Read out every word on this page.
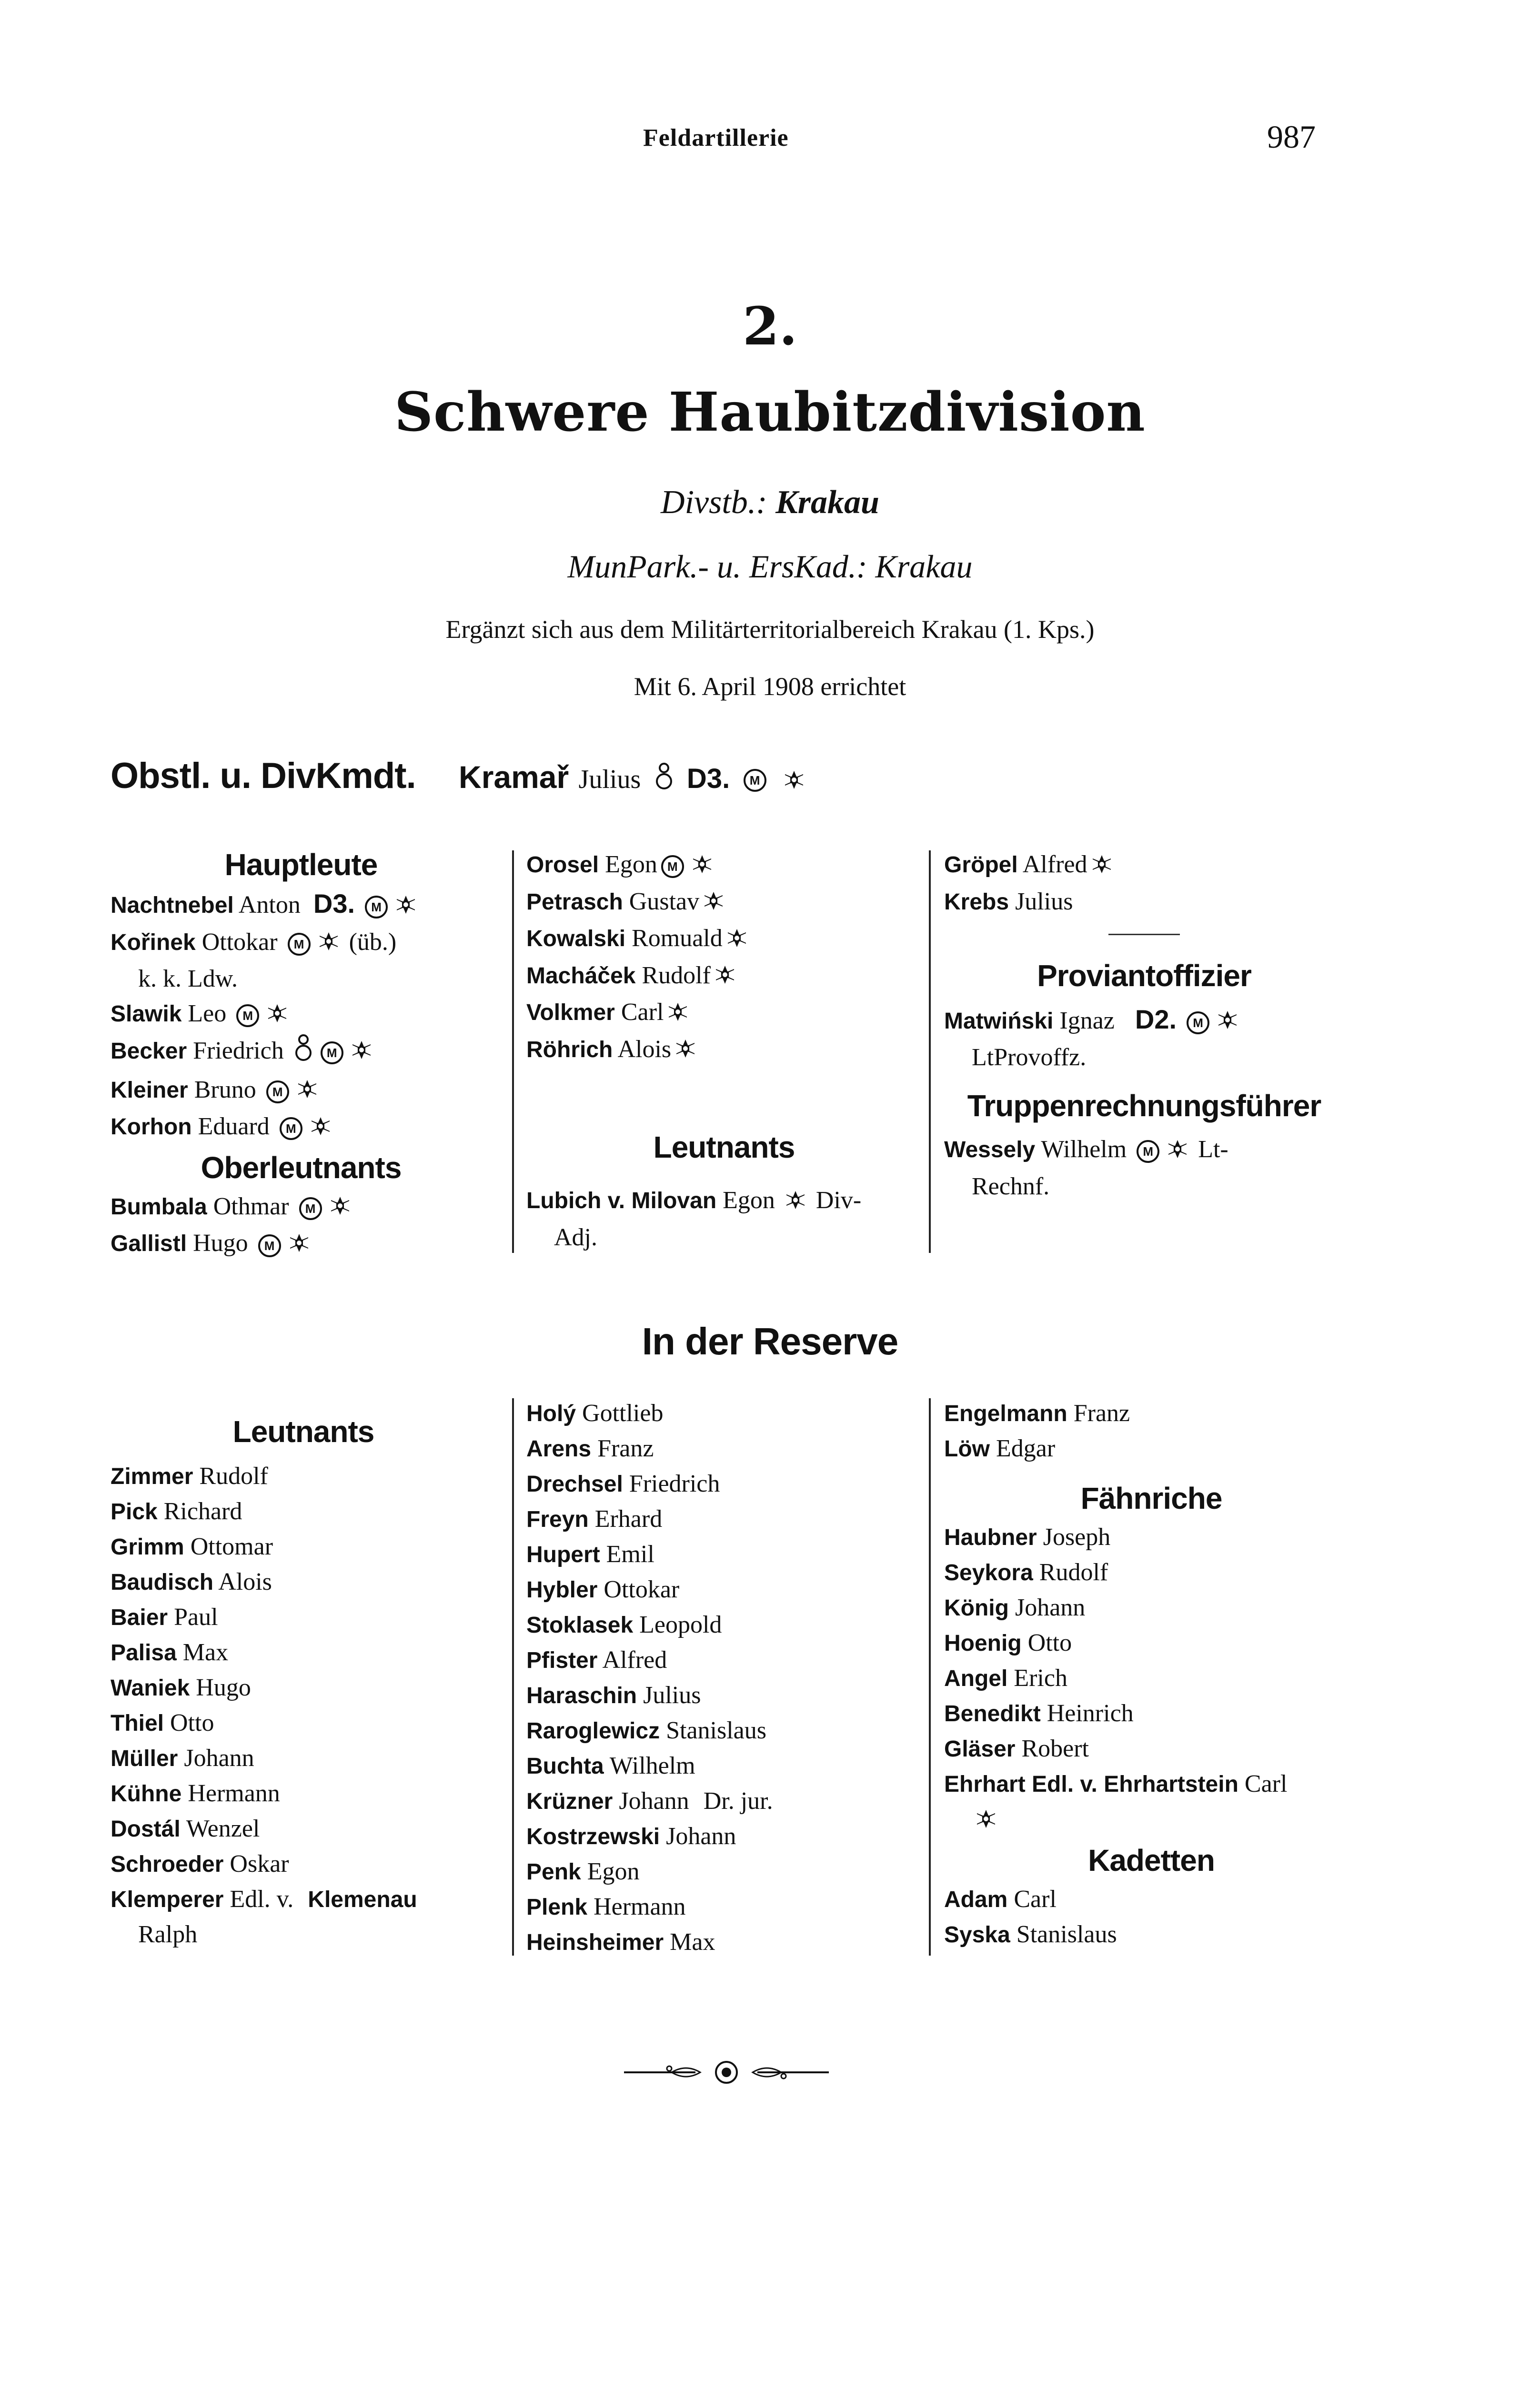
Feldartillerie	987
2.
Schwere Haubitzdivision
Divstb.: Krakau
MunPark.- u. ErsKad.: Krakau
Ergänzt sich aus dem Militärterritorialbereich Krakau (1. Kps.)
Mit 6. April 1908 errichtet
Obstl. u. DivKmdt. Kramař Julius D3. M
Hauptleute
Nachtnebel Anton D3. M
Kořinek Ottokar M (üb.)
k. k. Ldw.
Slawik Leo M
Becker Friedrich	M
Kleiner Bruno M
Korhon Eduard M
Oberleutnants
Bumbala Othmar M
Gallistl Hugo M
Orosel Egon M
Petrasch Gustav
Kowalski Romuald
Macháček Rudolf
Volkmer Carl
Röhrich Alois
Leutnants
Lubich v. Milovan Egon Div-
Adj.
Gröpel Alfred
Krebs Julius
Proviantoffizier
Matwiński Ignaz D2. M
LtProvoffz.
Truppenrechnungsführer
Wessely Wilhelm M Lt-
Rechnf.
In der Reserve
Leutnants
Zimmer Rudolf
Pick Richard
Grimm Ottomar
Baudisch Alois
Baier Paul
Palisa Max
Waniek Hugo
Thiel Otto
Müller Johann
Kühne Hermann
Dostál Wenzel
Schroeder Oskar
Klemperer Edl. v. Klemenau
Ralph
Holý Gottlieb
Arens Franz
Drechsel Friedrich
Freyn Erhard
Hupert Emil
Hybler Ottokar
Stoklasek Leopold
Pfister Alfred
Haraschin Julius
Raroglewicz Stanislaus
Buchta Wilhelm
Krüzner Johann Dr. jur.
Kostrzewski Johann
Penk Egon
Plenk Hermann
Heinsheimer Max
Engelmann Franz
Löw Edgar
Fähnriche
Haubner Joseph
Seykora Rudolf
König Johann
Hoenig Otto
Angel Erich
Benedikt Heinrich
Gläser Robert
Ehrhart Edl. v. Ehrhartstein Carl
Kadetten
Adam Carl
Syska Stanislaus
